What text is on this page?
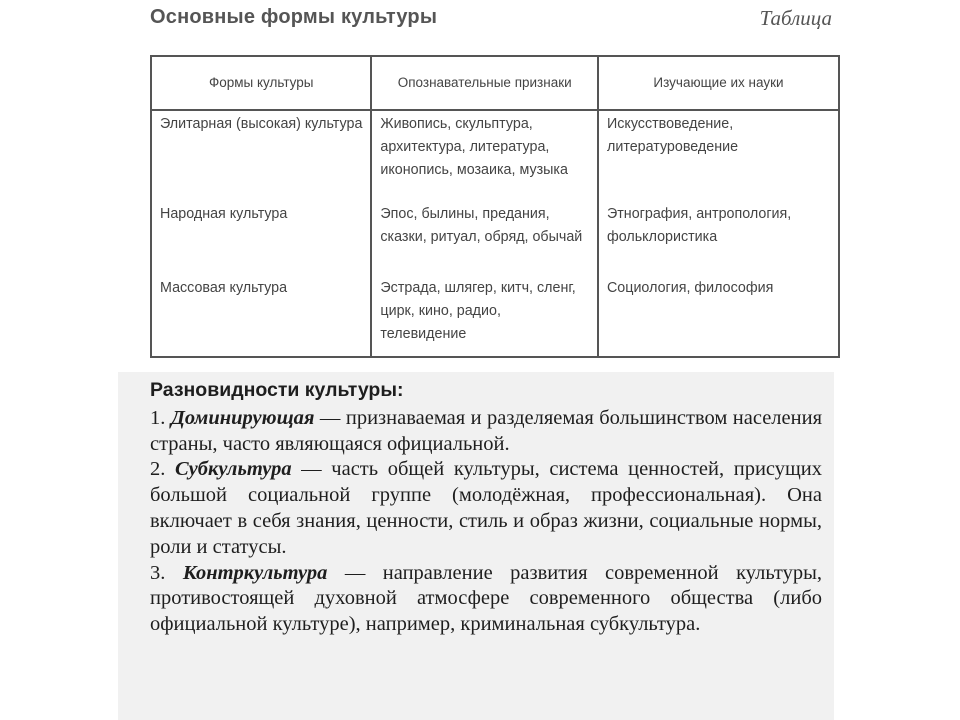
Основные формы культуры	Таблица
Формы культуры	Опознавательные признаки	Изучающие их науки
Элитарная (высокая) культура	Живопись, скульптура, архитектура, литература, иконопись, мозаика, музыка	Искусствоведение, литературоведение
Народная культура	Эпос, былины, предания, сказки, ритуал, обряд, обычай	Этнография, антропология, фольклористика
Массовая культура	Эстрада, шлягер, китч, сленг, цирк, кино, радио, телевидение	Социология, философия
Разновидности культуры:
1. Доминирующая — признаваемая и разделяемая большинством населения страны, часто являющаяся официальной.
2. Субкультура — часть общей культуры, система ценностей, присущих большой социальной группе (молодёжная, профессиональная). Она включает в себя знания, ценности, стиль и образ жизни, социальные нормы, роли и статусы.
3. Контркультура — направление развития современной культуры, противостоящей духовной атмосфере современного общества (либо официальной культуре), например, криминальная субкультура.
